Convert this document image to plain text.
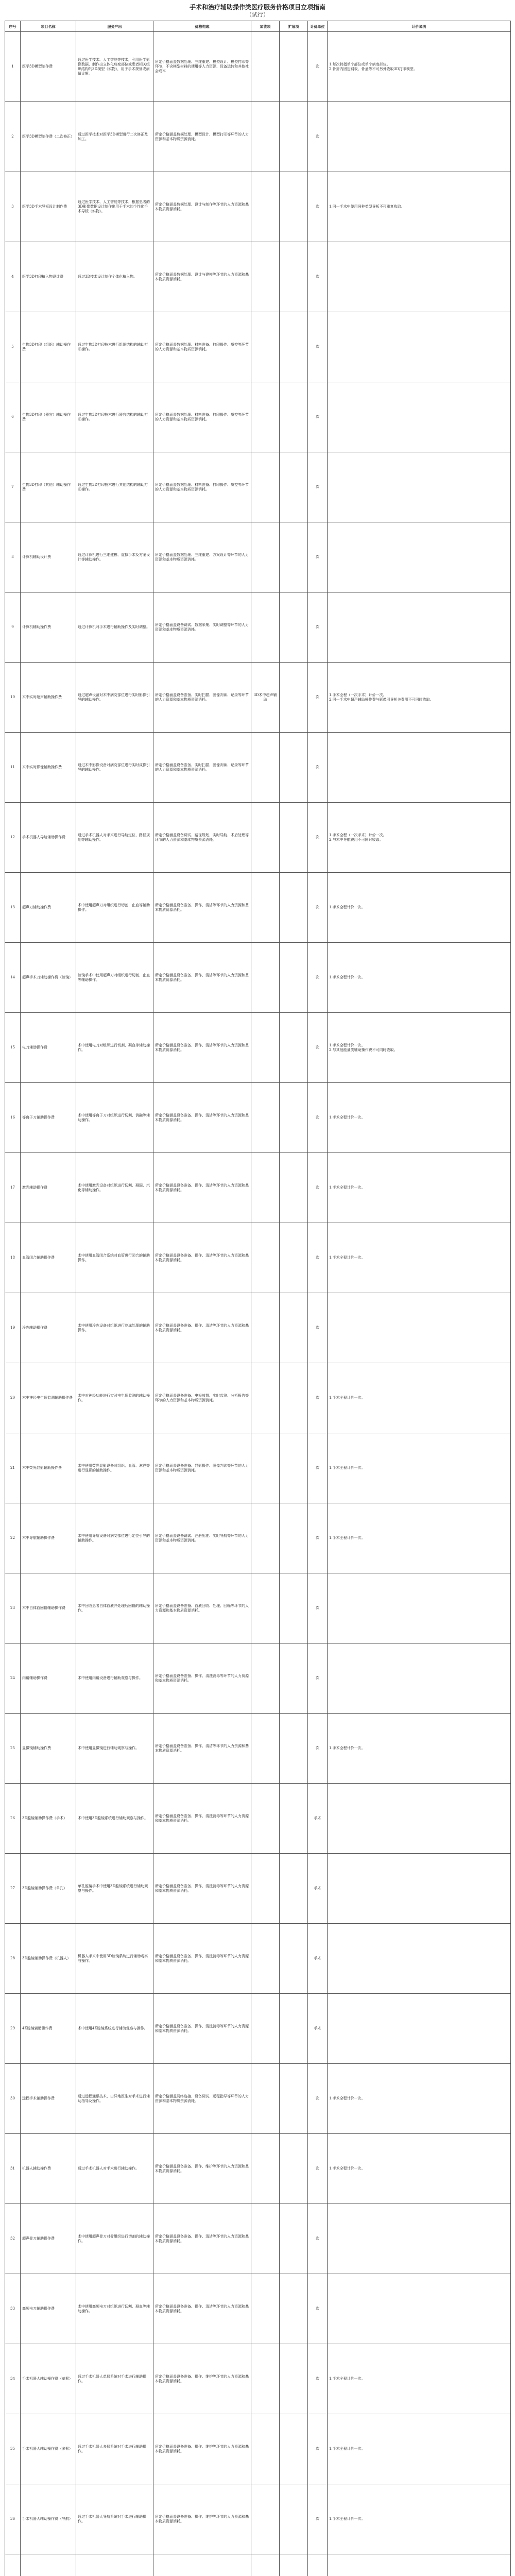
手术和治疗辅助操作类医疗服务价格项目立项指南
（试行）
序号	项目名称	服务产出	价格构成	加收项	扩展项	计价单位	计价说明
1	医学3D模型制作费	通过医学技术、人工智能等技术，利用医学影像数据，制作出立体化病变部位或患者相关组织结构的3D模型（实物），用于手术规划或病情诊断。	所定价格涵盖数据处理、三维重建、模型设计、模型打印等环节，不含模型材料的使用等人力资源、设备运转和其他社会成本			次	1.每次特指单个部位或单个病变部位。
2.骨折内固定钢板、骨盆等不可另外收取3D打印模型。
2	医学3D模型制作费（二次修正）	通过医学技术对医学3D模型进行二次修正及加工。	所定价格涵盖数据处理、模型设计、模型打印等环节的人力资源和基本物质资源消耗。			次	
3	医学3D手术导板设计制作费	通过医学技术、人工智能等技术，根据患者的3D影像数据设计制作出用于手术的个性化手术导板（实物）。	所定价格涵盖数据处理、设计与制作等环节的人力资源和基本物质资源消耗。			次	1.同一手术中使用同种类型导板不可重复收取。
4	医学3D打印植入物设计费	通过3D技术设计制作个体化植入物。	所定价格涵盖数据处理、设计与建模等环节的人力资源和基本物质资源消耗。			次	
5	生物3D打印（组织）辅助操作费	通过生物3D打印技术进行组织结构的辅助打印操作。	所定价格涵盖数据处理、材料准备、打印操作、质控等环节的人力资源和基本物质资源消耗。			次	
6	生物3D打印（器官）辅助操作费	通过生物3D打印技术进行器官结构的辅助打印操作。	所定价格涵盖数据处理、材料准备、打印操作、质控等环节的人力资源和基本物质资源消耗。			次	
7	生物3D打印（其他）辅助操作费	通过生物3D打印技术进行其他结构的辅助打印操作。	所定价格涵盖数据处理、材料准备、打印操作、质控等环节的人力资源和基本物质资源消耗。			次	
8	计算机辅助设计费	通过计算机进行三维建模、虚拟手术及方案设计等辅助操作。	所定价格涵盖数据处理、三维重建、方案设计等环节的人力资源和基本物质资源消耗。			次	
9	计算机辅助操作费	通过计算机对手术进行辅助操作及实时调整。	所定价格涵盖设备调试、数据采集、实时调整等环节的人力资源和基本物质资源消耗。			次	
10	术中实时超声辅助操作费	通过超声设备对术中病变部位进行实时影像引导的辅助操作。	所定价格涵盖设备准备、实时扫描、图像判读、记录等环节的人力资源和基本物质资源消耗。	3D术中超声辅助		次	1.手术全程（一次手术）计价一次。
2.同一手术中超声辅助操作费与影像引导相关费用不可同时收取。
11	术中实时影像辅助操作费	通过术中影像设备对病变部位进行实时成像引导的辅助操作。	所定价格涵盖设备准备、实时扫描、图像判读、记录等环节的人力资源和基本物质资源消耗。			次	
12	手术机器人导航辅助操作费	通过手术机器人对手术进行导航定位、路径规划等辅助操作。	所定价格涵盖设备调试、路径规划、实时导航、术后处理等环节的人力资源和基本物质资源消耗。			次	1.手术全程（一次手术）计价一次。
2.与术中导航费用不可同时收取。
13	超声刀辅助操作费	术中使用超声刀对组织进行切割、止血等辅助操作。	所定价格涵盖设备准备、操作、清洁等环节的人力资源和基本物质资源消耗。			次	1.手术全程计价一次。
14	超声手术刀辅助操作费（腔镜）	腔镜手术中使用超声刀对组织进行切割、止血等辅助操作。	所定价格涵盖设备准备、操作、清洁等环节的人力资源和基本物质资源消耗。			次	1.手术全程计价一次。
15	电刀辅助操作费	术中使用电刀对组织进行切割、凝血等辅助操作。	所定价格涵盖设备准备、操作、清洁等环节的人力资源和基本物质资源消耗。			次	1.手术全程计价一次。
2.与其他能量类辅助操作费不可同时收取。
16	等离子刀辅助操作费	术中使用等离子刀对组织进行切割、消融等辅助操作。	所定价格涵盖设备准备、操作、清洁等环节的人力资源和基本物质资源消耗。			次	1.手术全程计价一次。
17	激光辅助操作费	术中使用激光设备对组织进行切割、凝固、汽化等辅助操作。	所定价格涵盖设备准备、操作、清洁等环节的人力资源和基本物质资源消耗。			次	1.手术全程计价一次。
18	血管闭合辅助操作费	术中使用血管闭合系统对血管进行闭合的辅助操作。	所定价格涵盖设备准备、操作、清洁等环节的人力资源和基本物质资源消耗。			次	1.手术全程计价一次。
19	冷冻辅助操作费	术中使用冷冻设备对组织进行冷冻处理的辅助操作。	所定价格涵盖设备准备、操作、清洁等环节的人力资源和基本物质资源消耗。			次	
20	术中神经电生理监测辅助操作费	术中对神经功能进行实时电生理监测的辅助操作。	所定价格涵盖设备准备、电极放置、实时监测、分析报告等环节的人力资源和基本物质资源消耗。			次	1.手术全程计价一次。
21	术中荧光显影辅助操作费	术中使用荧光显影设备对组织、血管、淋巴等进行显影的辅助操作。	所定价格涵盖设备准备、显影操作、图像判读等环节的人力资源和基本物质资源消耗。			次	1.手术全程计价一次。
22	术中导航辅助操作费	术中使用导航设备对病变部位进行定位引导的辅助操作。	所定价格涵盖设备调试、注册配准、实时导航等环节的人力资源和基本物质资源消耗。			次	1.手术全程计价一次。
23	术中自体血回输辅助操作费	术中回收患者自体血液并处理后回输的辅助操作。	所定价格涵盖设备准备、血液回收、处理、回输等环节的人力资源和基本物质资源消耗。			次	
24	内镜辅助操作费	术中使用内镜设备进行辅助观察与操作。	所定价格涵盖设备准备、操作、清洗消毒等环节的人力资源和基本物质资源消耗。			次	
25	显微镜辅助操作费	术中使用显微镜进行辅助观察与操作。	所定价格涵盖设备准备、操作、清洁等环节的人力资源和基本物质资源消耗。			次	1.手术全程计价一次。
26	3D腔镜辅助操作费（手术）	术中使用3D腔镜系统进行辅助观察与操作。	所定价格涵盖设备准备、操作、清洗消毒等环节的人力资源和基本物质资源消耗。			手术	
27	3D腔镜辅助操作费（单孔）	单孔腔镜手术中使用3D腔镜系统进行辅助观察与操作。	所定价格涵盖设备准备、操作、清洗消毒等环节的人力资源和基本物质资源消耗。			手术	
28	3D腔镜辅助操作费（机器人）	机器人手术中使用3D腔镜系统进行辅助观察与操作。	所定价格涵盖设备准备、操作、清洗消毒等环节的人力资源和基本物质资源消耗。			手术	
29	4K腔镜辅助操作费	术中使用4K腔镜系统进行辅助观察与操作。	所定价格涵盖设备准备、操作、清洗消毒等环节的人力资源和基本物质资源消耗。			手术	
30	远程手术辅助操作费	通过远程通讯技术，由异地医生对手术进行辅助指导及操作。	所定价格涵盖网络连接、设备调试、远程指导等环节的人力资源和基本物质资源消耗。			次	1.手术全程计价一次。
31	机器人辅助操作费	通过手术机器人对手术进行辅助操作。	所定价格涵盖设备准备、操作、维护等环节的人力资源和基本物质资源消耗。			次	1.手术全程计价一次。
32	超声骨刀辅助操作费	术中使用超声骨刀对骨组织进行切割的辅助操作。	所定价格涵盖设备准备、操作、清洁等环节的人力资源和基本物质资源消耗。			次	
33	高频电刀辅助操作费	术中使用高频电刀对组织进行切割、凝血等辅助操作。	所定价格涵盖设备准备、操作、清洁等环节的人力资源和基本物质资源消耗。			次	
34	手术机器人辅助操作费（单臂）	通过手术机器人单臂系统对手术进行辅助操作。	所定价格涵盖设备准备、操作、维护等环节的人力资源和基本物质资源消耗。			次	1.手术全程计价一次。
35	手术机器人辅助操作费（多臂）	通过手术机器人多臂系统对手术进行辅助操作。	所定价格涵盖设备准备、操作、维护等环节的人力资源和基本物质资源消耗。			次	1.手术全程计价一次。
36	手术机器人辅助操作费（导航）	通过手术机器人导航系统对手术进行辅助操作。	所定价格涵盖设备准备、操作、维护等环节的人力资源和基本物质资源消耗。			次	1.手术全程计价一次。
